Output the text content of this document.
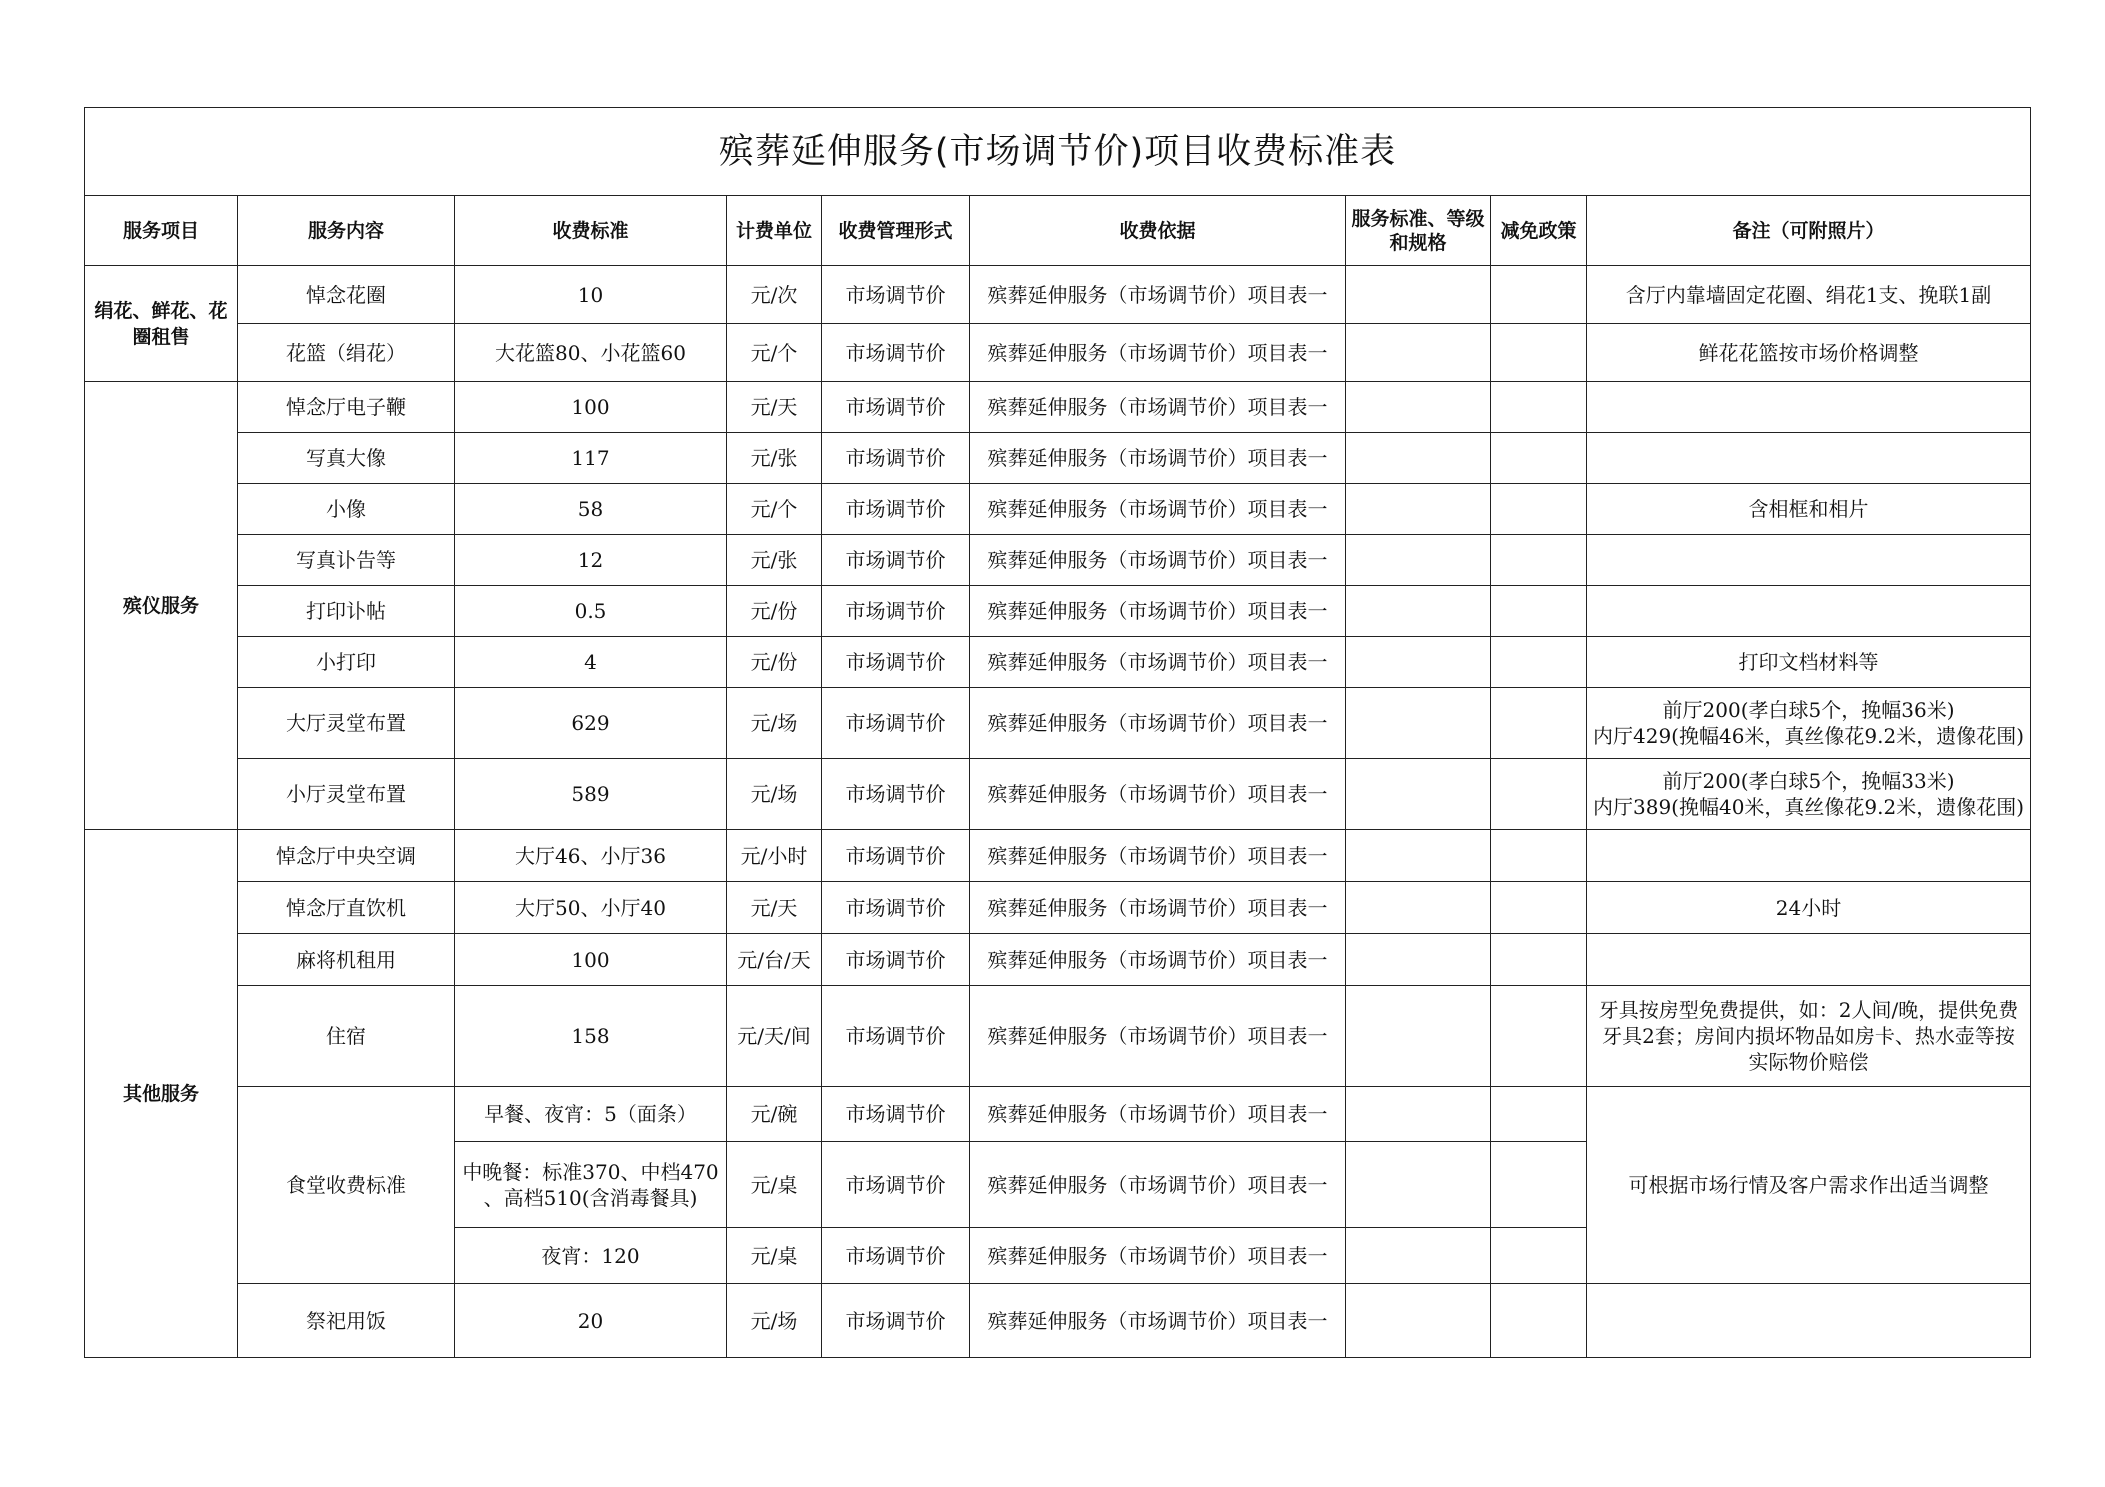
殡葬延伸服务(市场调节价)项目收费标准表								
服务项目	服务内容	收费标准	计费单位	收费管理形式	收费依据	服务标准、等级和规格	减免政策	备注（可附照片）
绢花、鲜花、花圈租售	悼念花圈	10	元/次	市场调节价	殡葬延伸服务（市场调节价）项目表一			含厅内靠墙固定花圈、绢花1支、挽联1副
	花篮（绢花）	大花篮80、小花篮60	元/个	市场调节价	殡葬延伸服务（市场调节价）项目表一			鲜花花篮按市场价格调整
殡仪服务	悼念厅电子鞭	100	元/天	市场调节价	殡葬延伸服务（市场调节价）项目表一			
	写真大像	117	元/张	市场调节价	殡葬延伸服务（市场调节价）项目表一			
	小像	58	元/个	市场调节价	殡葬延伸服务（市场调节价）项目表一			含相框和相片
	写真讣告等	12	元/张	市场调节价	殡葬延伸服务（市场调节价）项目表一			
	打印讣帖	0.5	元/份	市场调节价	殡葬延伸服务（市场调节价）项目表一			
	小打印	4	元/份	市场调节价	殡葬延伸服务（市场调节价）项目表一			打印文档材料等
	大厅灵堂布置	629	元/场	市场调节价	殡葬延伸服务（市场调节价）项目表一			前厅200(孝白球5个，挽幅36米)
内厅429(挽幅46米，真丝像花9.2米，遗像花围)

	小厅灵堂布置	589	元/场	市场调节价	殡葬延伸服务（市场调节价）项目表一			前厅200(孝白球5个，挽幅33米)
内厅389(挽幅40米，真丝像花9.2米，遗像花围)

其他服务	悼念厅中央空调	大厅46、小厅36	元/小时	市场调节价	殡葬延伸服务（市场调节价）项目表一			
	悼念厅直饮机	大厅50、小厅40	元/天	市场调节价	殡葬延伸服务（市场调节价）项目表一			24小时
	麻将机租用	100	元/台/天	市场调节价	殡葬延伸服务（市场调节价）项目表一			
	住宿	158	元/天/间	市场调节价	殡葬延伸服务（市场调节价）项目表一			牙具按房型免费提供，如：2人间/晚，提供免费
牙具2套；房间内损坏物品如房卡、热水壶等按
实际物价赔偿

	食堂收费标准	早餐、夜宵：5（面条）	元/碗	市场调节价	殡葬延伸服务（市场调节价）项目表一			可根据市场行情及客户需求作出适当调整

		中晚餐：标准370、中档470
、高档510(含消毒餐具)	元/桌	市场调节价	殡葬延伸服务（市场调节价）项目表一			
		夜宵：120	元/桌	市场调节价	殡葬延伸服务（市场调节价）项目表一			
	祭祀用饭	20	元/场	市场调节价	殡葬延伸服务（市场调节价）项目表一			
